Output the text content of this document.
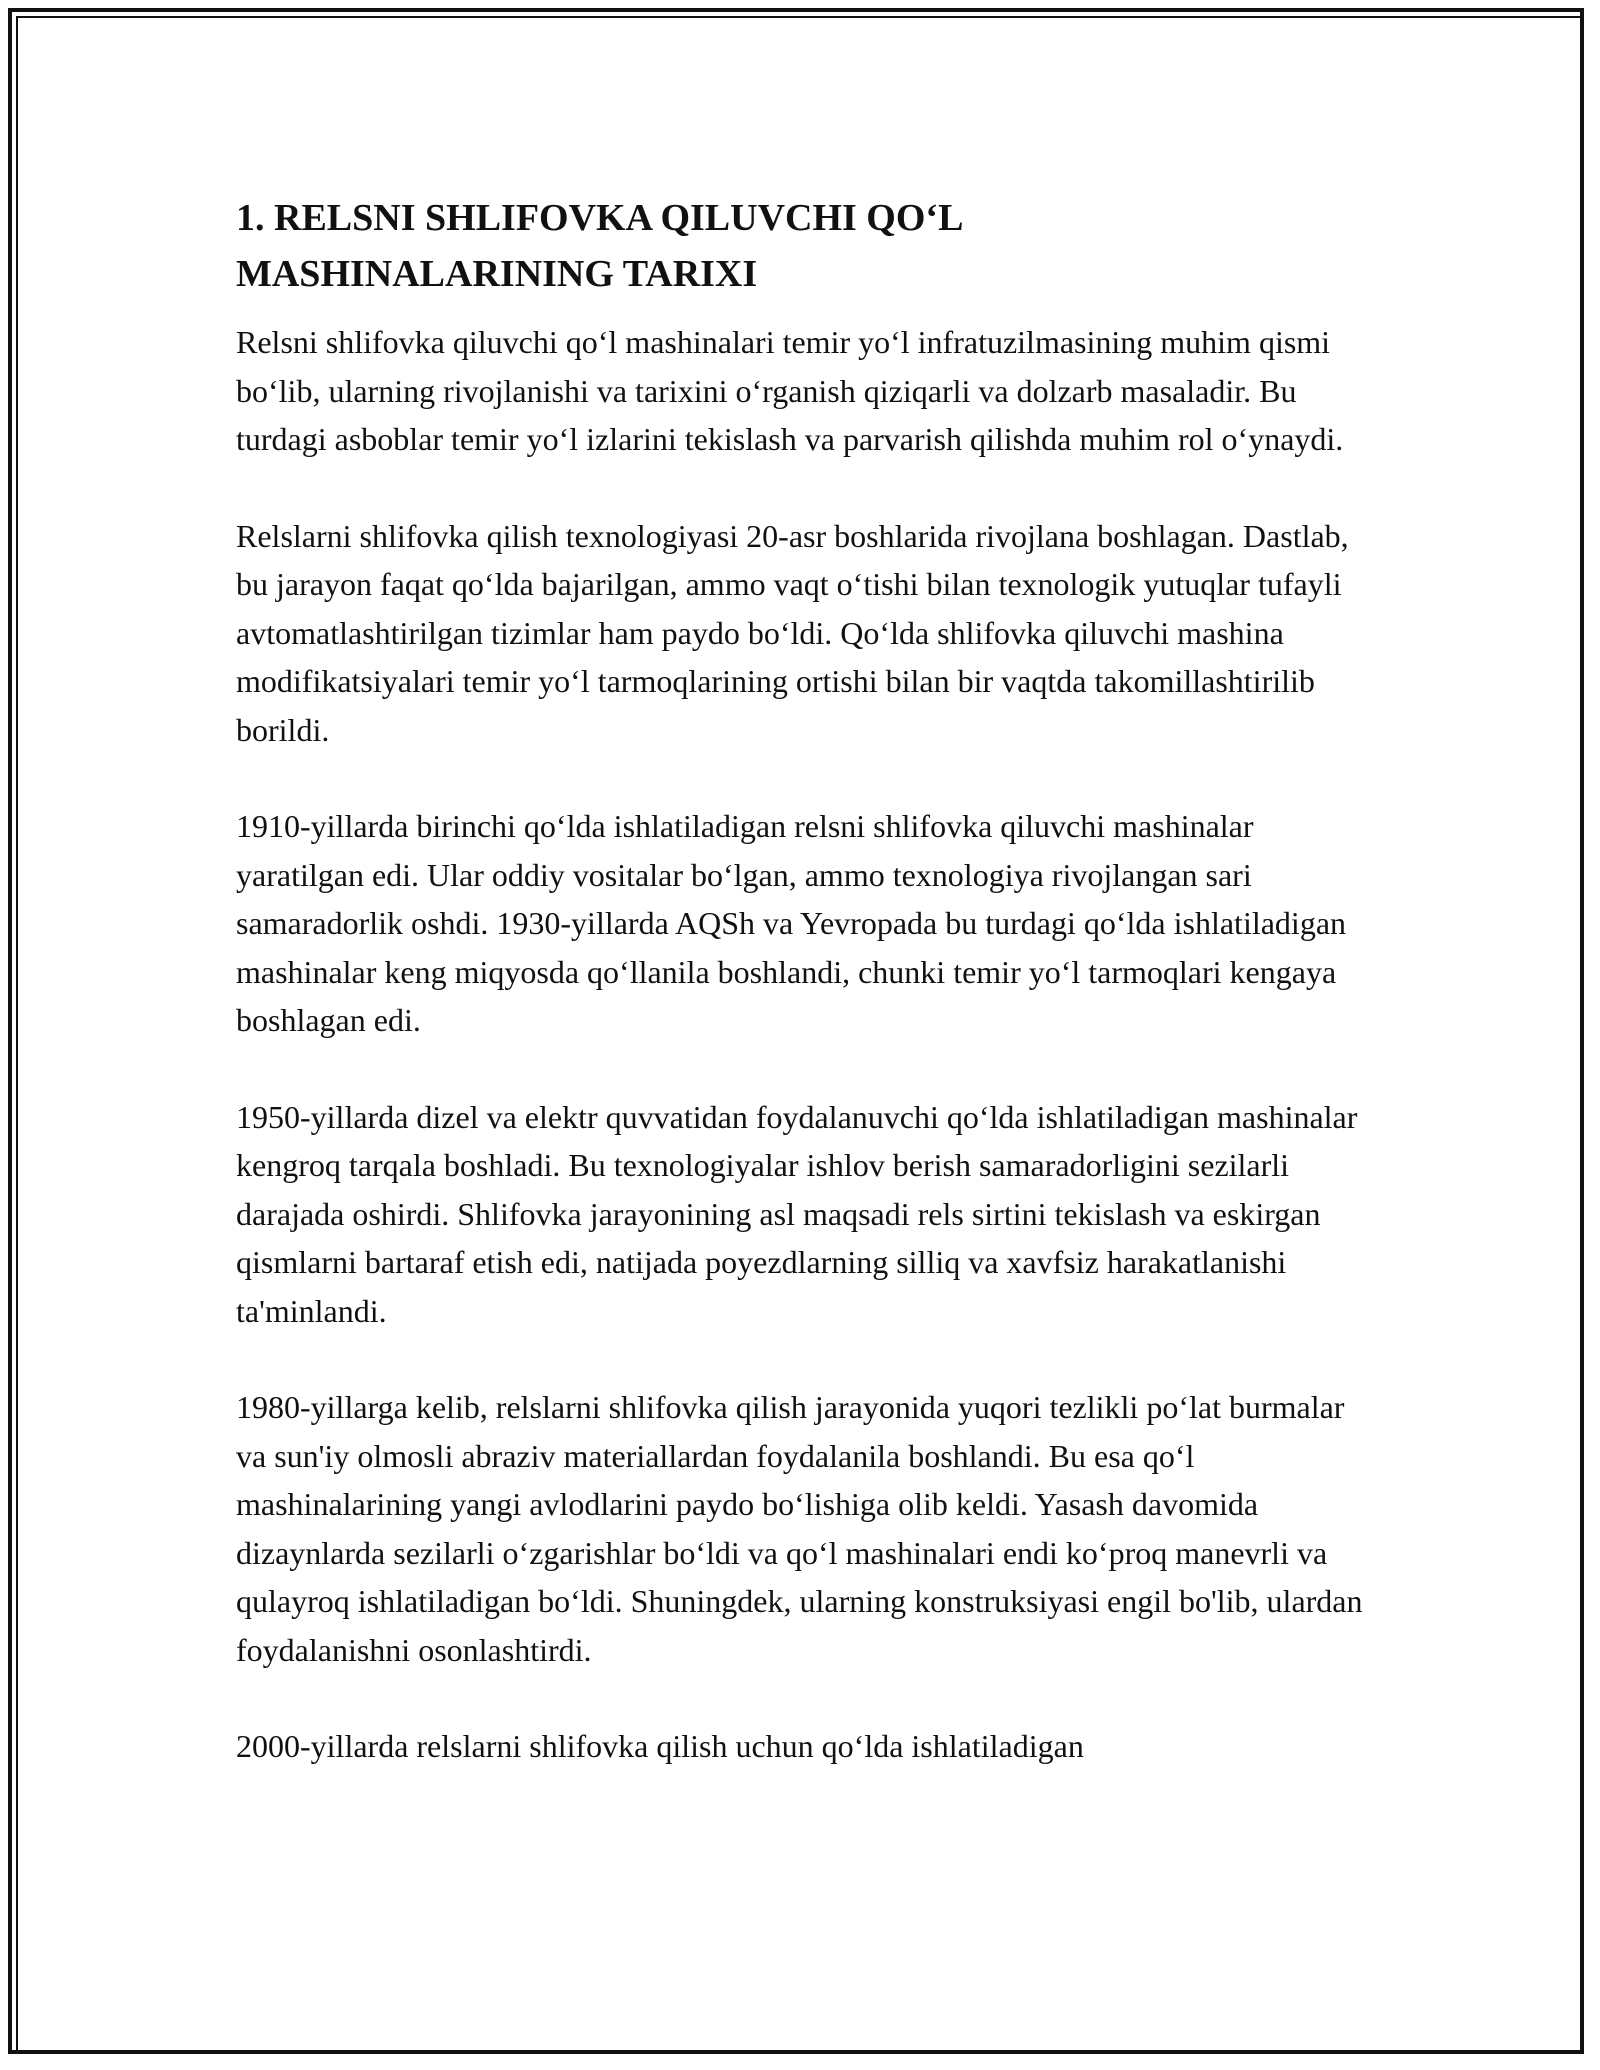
1. RELSNI SHLIFOVKA QILUVCHI QO‘L
MASHINALARINING TARIXI

Relsni shlifovka qiluvchi qo‘l mashinalari temir yo‘l infratuzilmasining muhim qismi bo‘lib, ularning rivojlanishi va tarixini o‘rganish qiziqarli va dolzarb masaladir. Bu turdagi asboblar temir yo‘l izlarini tekislash va parvarish qilishda muhim rol o‘ynaydi.

Relslarni shlifovka qilish texnologiyasi 20-asr boshlarida rivojlana boshlagan. Dastlab, bu jarayon faqat qo‘lda bajarilgan, ammo vaqt o‘tishi bilan texnologik yutuqlar tufayli avtomatlashtirilgan tizimlar ham paydo bo‘ldi. Qo‘lda shlifovka qiluvchi mashina modifikatsiyalari temir yo‘l tarmoqlarining ortishi bilan bir vaqtda takomillashtirilib borildi.

1910-yillarda birinchi qo‘lda ishlatiladigan relsni shlifovka qiluvchi mashinalar yaratilgan edi. Ular oddiy vositalar bo‘lgan, ammo texnologiya rivojlangan sari samaradorlik oshdi. 1930-yillarda AQSh va Yevropada bu turdagi qo‘lda ishlatiladigan mashinalar keng miqyosda qo‘llanila boshlandi, chunki temir yo‘l tarmoqlari kengaya boshlagan edi.

1950-yillarda dizel va elektr quvvatidan foydalanuvchi qo‘lda ishlatiladigan mashinalar kengroq tarqala boshladi. Bu texnologiyalar ishlov berish samaradorligini sezilarli darajada oshirdi. Shlifovka jarayonining asl maqsadi rels sirtini tekislash va eskirgan qismlarni bartaraf etish edi, natijada poyezdlarning silliq va xavfsiz harakatlanishi ta'minlandi.

1980-yillarga kelib, relslarni shlifovka qilish jarayonida yuqori tezlikli po‘lat burmalar va sun'iy olmosli abraziv materiallardan foydalanila boshlandi. Bu esa qo‘l mashinalarining yangi avlodlarini paydo bo‘lishiga olib keldi. Yasash davomida dizaynlarda sezilarli o‘zgarishlar bo‘ldi va qo‘l mashinalari endi ko‘proq manevrli va qulayroq ishlatiladigan bo‘ldi. Shuningdek, ularning konstruksiyasi engil bo'lib, ulardan foydalanishni osonlashtirdi.

2000-yillarda relslarni shlifovka qilish uchun qo‘lda ishlatiladigan
